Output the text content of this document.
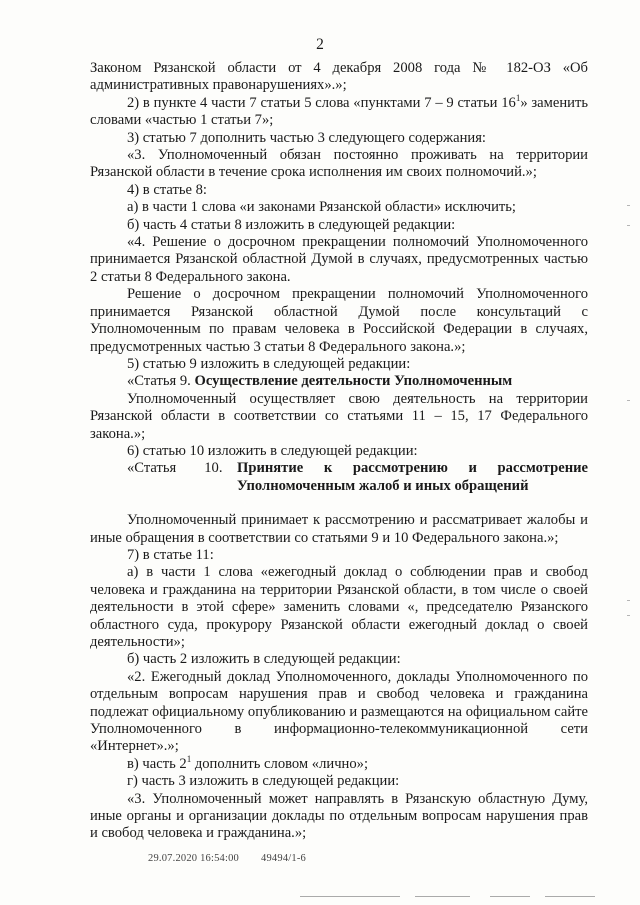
2

Законом Рязанской области от 4 декабря 2008 года № 182-ОЗ «Об административных правонарушениях».»;

2) в пункте 4 части 7 статьи 5 слова «пунктами 7 – 9 статьи $16^1$» заменить словами «частью 1 статьи 7»;

3) статью 7 дополнить частью 3 следующего содержания:

«3. Уполномоченный обязан постоянно проживать на территории Рязанской области в течение срока исполнения им своих полномочий.»;

4) в статье 8:

а) в части 1 слова «и законами Рязанской области» исключить;

б) часть 4 статьи 8 изложить в следующей редакции:

«4. Решение о досрочном прекращении полномочий Уполномоченного принимается Рязанской областной Думой в случаях, предусмотренных частью 2 статьи 8 Федерального закона.

Решение о досрочном прекращении полномочий Уполномоченного принимается Рязанской областной Думой после консультаций с Уполномоченным по правам человека в Российской Федерации в случаях, предусмотренных частью 3 статьи 8 Федерального закона.»;

5) статью 9 изложить в следующей редакции:

«Статья 9. Осуществление деятельности Уполномоченным

Уполномоченный осуществляет свою деятельность на территории Рязанской области в соответствии со статьями 11 – 15, 17 Федерального закона.»;

6) статью 10 изложить в следующей редакции:

«Статья 10. Принятие к рассмотрению и рассмотрение
Уполномоченным жалоб и иных обращений

Уполномоченный принимает к рассмотрению и рассматривает жалобы и иные обращения в соответствии со статьями 9 и 10 Федерального закона.»;

7) в статье 11:

а) в части 1 слова «ежегодный доклад о соблюдении прав и свобод человека и гражданина на территории Рязанской области, в том числе о своей деятельности в этой сфере» заменить словами «, председателю Рязанского областного суда, прокурору Рязанской области ежегодный доклад о своей деятельности»;

б) часть 2 изложить в следующей редакции:

«2. Ежегодный доклад Уполномоченного, доклады Уполномоченного по отдельным вопросам нарушения прав и свобод человека и гражданина подлежат официальному опубликованию и размещаются на официальном сайте Уполномоченного в информационно-телекоммуникационной сети «Интернет».»;

в) часть $2^1$ дополнить словом «лично»;

г) часть 3 изложить в следующей редакции:

«3. Уполномоченный может направлять в Рязанскую областную Думу, иные органы и организации доклады по отдельным вопросам нарушения прав и свобод человека и гражданина.»;

29.07.2020 16:54:00 49494/1-6
